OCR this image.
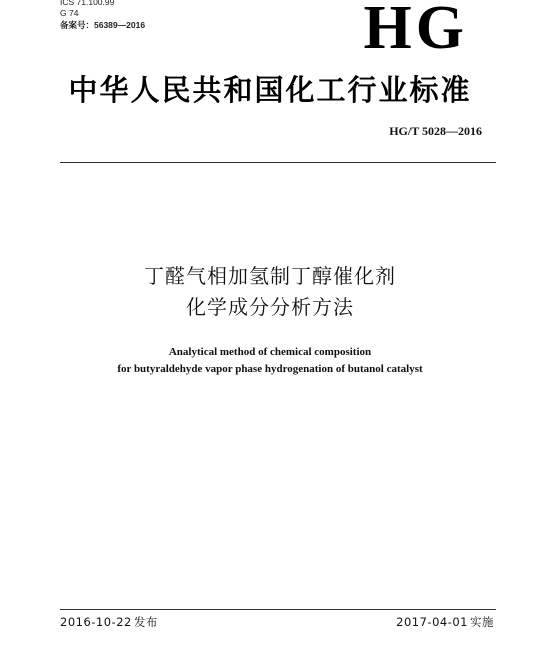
ICS 71.100.99
G 74
备案号：56389—2016	HG
中华人民共和国化工行业标准
HG/T 5028—2016
丁醛气相加氢制丁醇催化剂
化学成分分析方法
Analytical method of chemical composition
for butyraldehyde vapor phase hydrogenation of butanol catalyst
2016-10-22 发布	2017-04-01 实施
